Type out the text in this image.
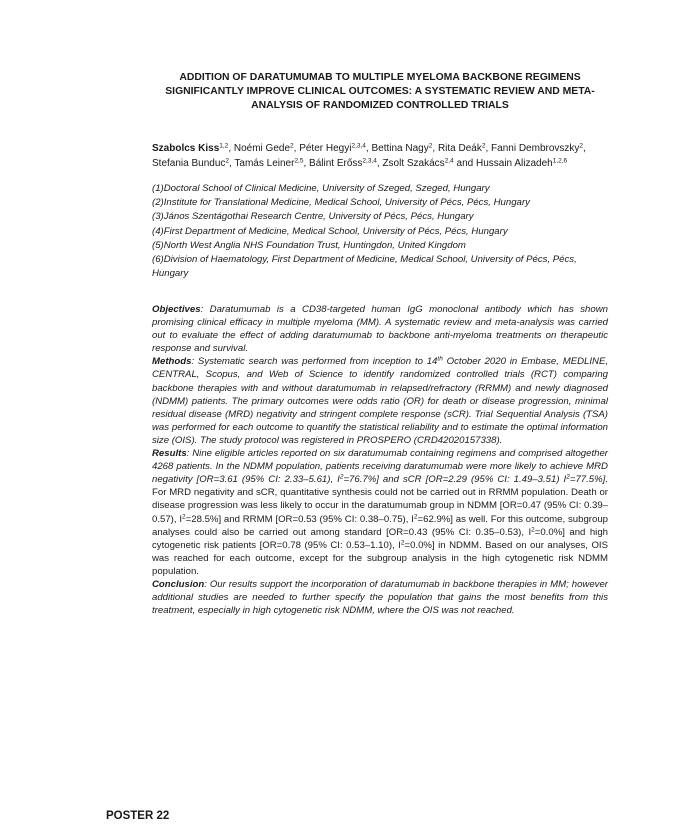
ADDITION OF DARATUMUMAB TO MULTIPLE MYELOMA BACKBONE REGIMENS
SIGNIFICANTLY IMPROVE CLINICAL OUTCOMES: A SYSTEMATIC REVIEW AND META-
ANALYSIS OF RANDOMIZED CONTROLLED TRIALS
Szabolcs Kiss$^{1,2}$, Noémi Gede$^2$, Péter Hegyi$^{2,3,4}$, Bettina Nagy$^2$, Rita Deák$^2$, Fanni Dembrovszky$^2$, Stefania Bunduc$^2$, Tamás Leiner$^{2,5}$, Bálint Erőss$^{2,3,4}$, Zsolt Szakács$^{2,4}$ and Hussain Alizadeh$^{1,2,6}$
(1)Doctoral School of Clinical Medicine, University of Szeged, Szeged, Hungary
(2)Institute for Translational Medicine, Medical School, University of Pécs, Pécs, Hungary
(3)János Szentágothai Research Centre, University of Pécs, Pécs, Hungary
(4)First Department of Medicine, Medical School, University of Pécs, Pécs, Hungary
(5)North West Anglia NHS Foundation Trust, Huntingdon, United Kingdom
(6)Division of Haematology, First Department of Medicine, Medical School, University of Pécs, Pécs, Hungary

Objectives: Daratumumab is a CD38-targeted human IgG monoclonal antibody which has shown promising clinical efficacy in multiple myeloma (MM). A systematic review and meta-analysis was carried out to evaluate the effect of adding daratumumab to backbone anti-myeloma treatments on therapeutic response and survival.

Methods: Systematic search was performed from inception to 14th October 2020 in Embase, MEDLINE, CENTRAL, Scopus, and Web of Science to identify randomized controlled trials (RCT) comparing backbone therapies with and without daratumumab in relapsed/refractory (RRMM) and newly diagnosed (NDMM) patients. The primary outcomes were odds ratio (OR) for death or disease progression, minimal residual disease (MRD) negativity and stringent complete response (sCR). Trial Sequential Analysis (TSA) was performed for each outcome to quantify the statistical reliability and to estimate the optimal information size (OIS). The study protocol was registered in PROSPERO (CRD42020157338).

Results: Nine eligible articles reported on six daratumumab containing regimens and comprised altogether 4268 patients. In the NDMM population, patients receiving daratumumab were more likely to achieve MRD negativity [OR=3.61 (95% CI: 2.33–5.61), $I^2=76.7\%$] and sCR [OR=2.29 (95% CI: 1.49–3.51) $I^2=77.5\%$]. For MRD negativity and sCR, quantitative synthesis could not be carried out in RRMM population. Death or disease progression was less likely to occur in the daratumumab group in NDMM [OR=0.47 (95% CI: 0.39–0.57), $I^2=28.5\%$] and RRMM [OR=0.53 (95% CI: 0.38–0.75), $I^2=62.9\%$] as well. For this outcome, subgroup analyses could also be carried out among standard [OR=0.43 (95% CI: 0.35–0.53), $I^2=0.0\%$] and high cytogenetic risk patients [OR=0.78 (95% CI: 0.53–1.10), $I^2=0.0\%$] in NDMM. Based on our analyses, OIS was reached for each outcome, except for the subgroup analysis in the high cytogenetic risk NDMM population.

Conclusion: Our results support the incorporation of daratumumab in backbone therapies in MM; however additional studies are needed to further specify the population that gains the most benefits from this treatment, especially in high cytogenetic risk NDMM, where the OIS was not reached.

POSTER 22
